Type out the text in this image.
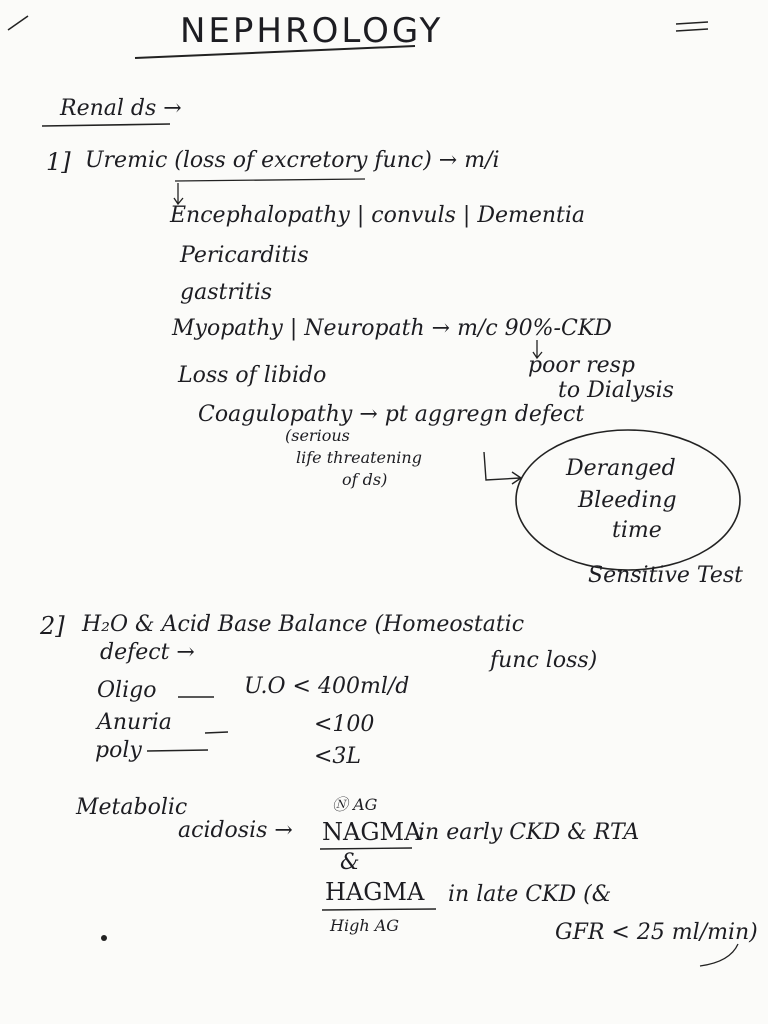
NEPHROLOGY
Renal ds →
1] Uremic (loss of excretory func) → m/i
Encephalopathy | convuls | Dementia
Pericarditis
gastritis
Myopathy | Neuropath → m/c 90%-CKD
Loss of libido
Coagulopathy → pt aggregn defect
poor resp
to Dialysis
(serious
life threatening
of ds)	Deranged
Bleeding
time
Sensitive Test
2] H₂O & Acid Base Balance (Homeostatic
defect →	func loss)
Oligo	U.O < 400ml/d
Anuria	<100
poly	<3L
Metabolic
acidosis →
Ⓝ AG
NAGMA
in early CKD & RTA
&
HAGMA in late CKD (&
High AG	GFR < 25 ml/min)
